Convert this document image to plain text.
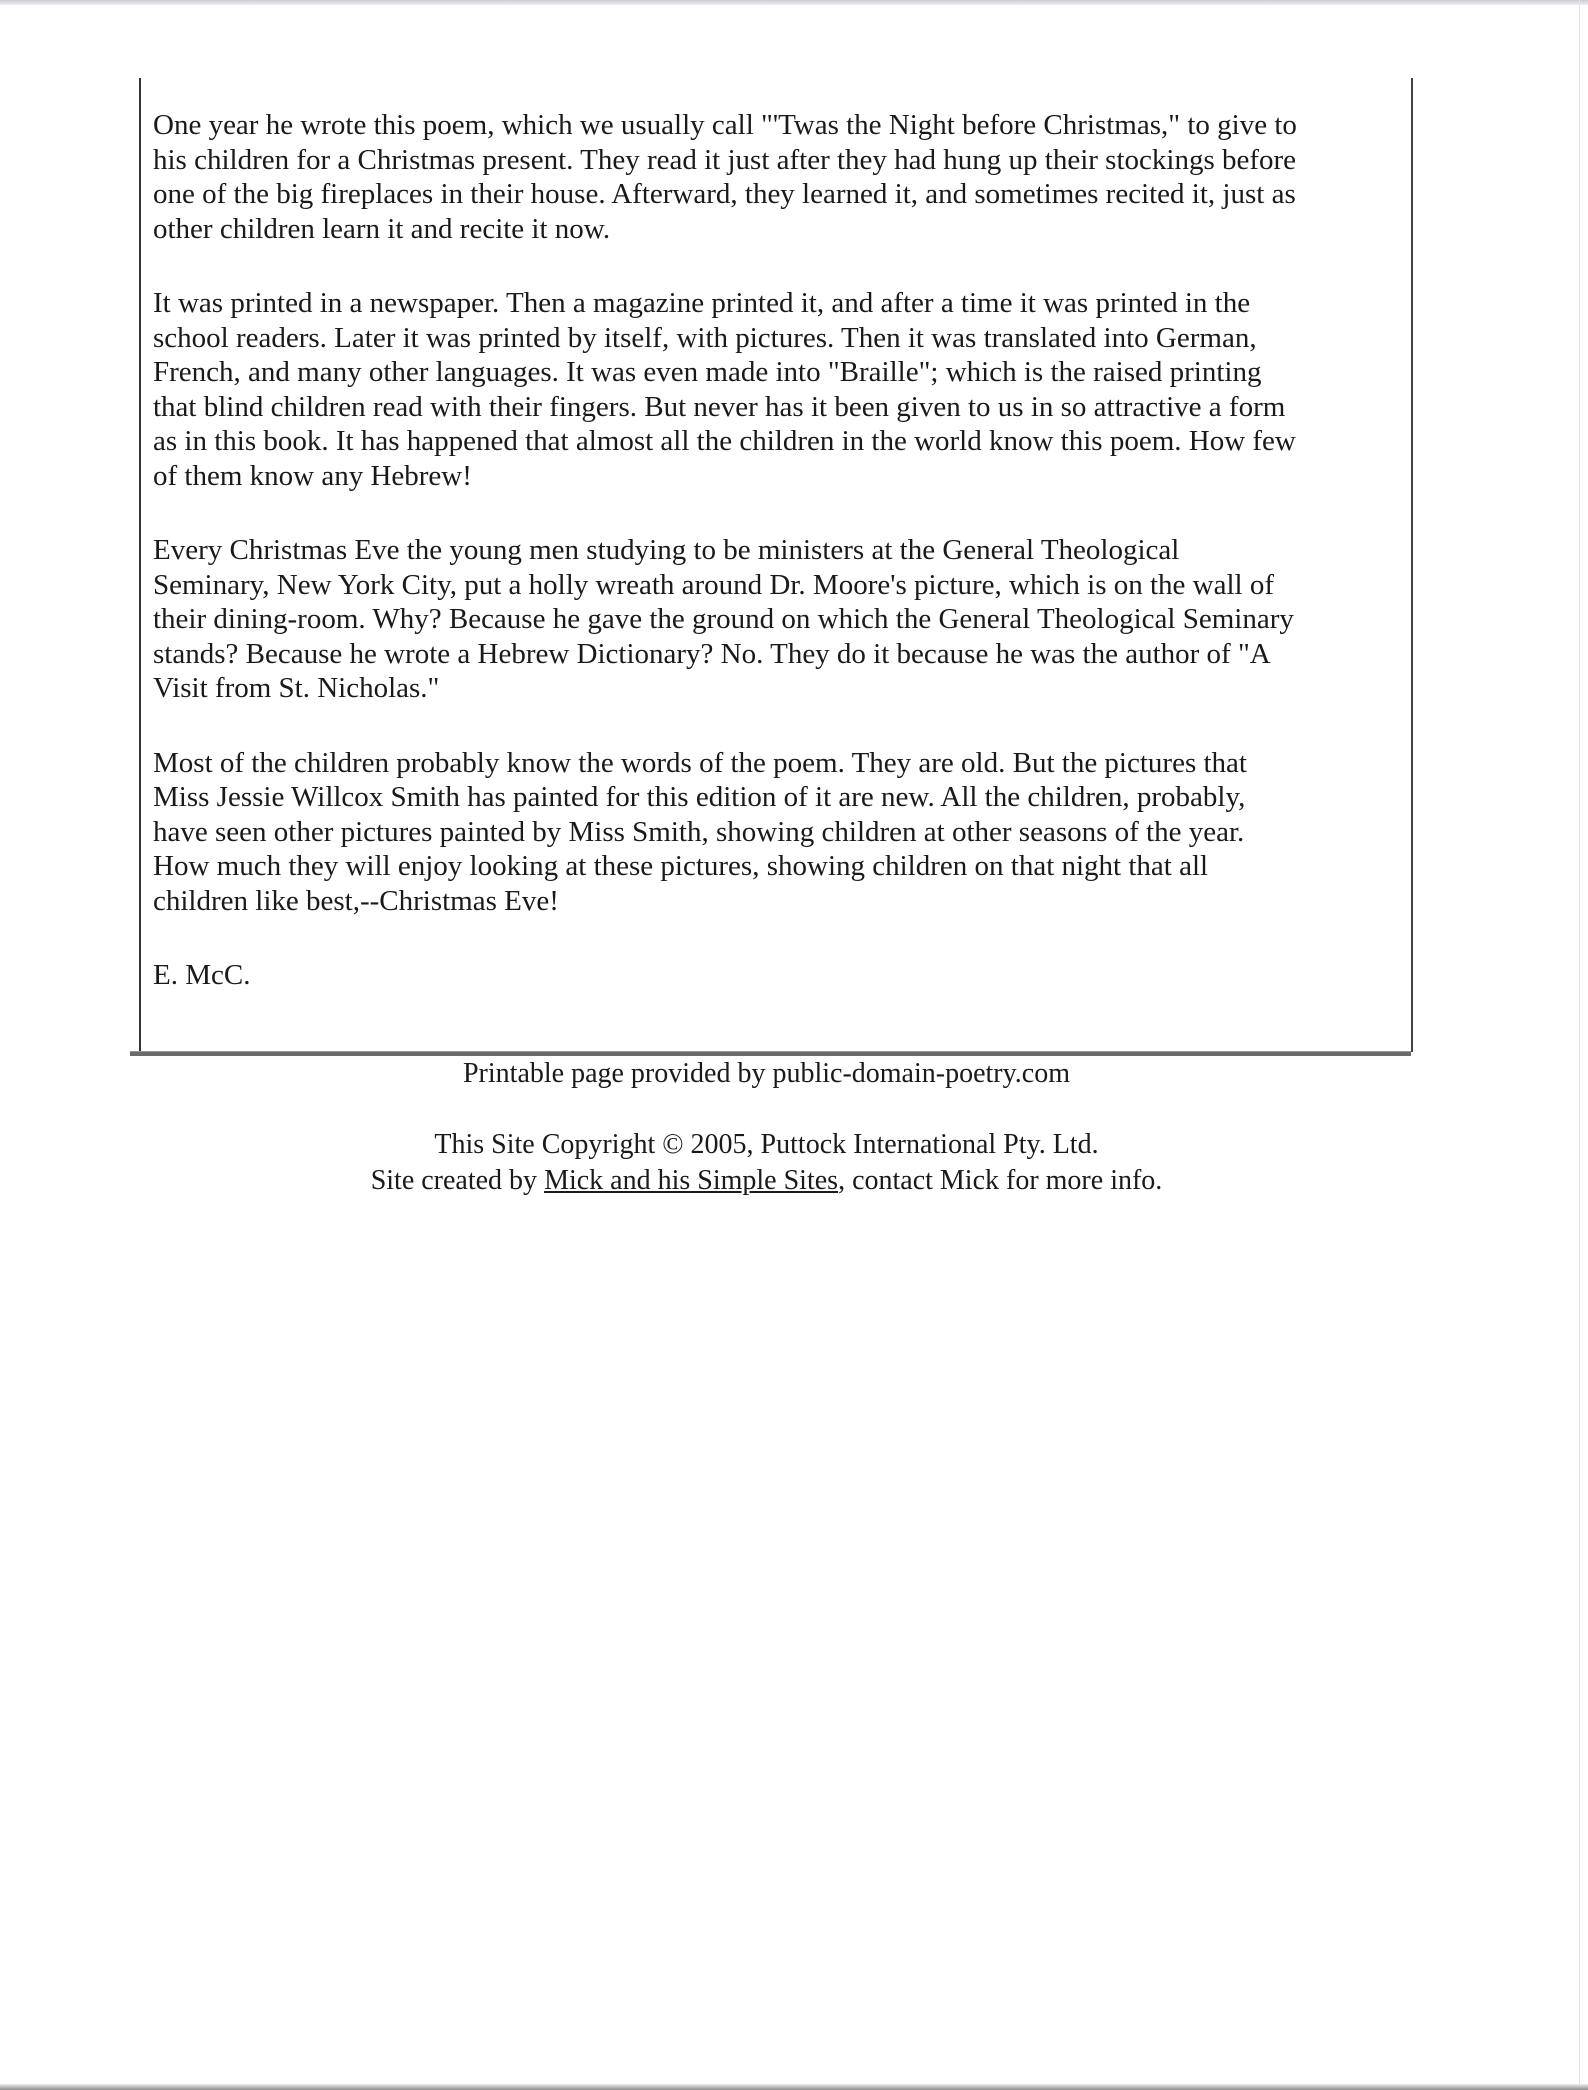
One year he wrote this poem, which we usually call "'Twas the Night before Christmas," to give to
his children for a Christmas present. They read it just after they had hung up their stockings before
one of the big fireplaces in their house. Afterward, they learned it, and sometimes recited it, just as
other children learn it and recite it now.

It was printed in a newspaper. Then a magazine printed it, and after a time it was printed in the
school readers. Later it was printed by itself, with pictures. Then it was translated into German,
French, and many other languages. It was even made into "Braille"; which is the raised printing
that blind children read with their fingers. But never has it been given to us in so attractive a form
as in this book. It has happened that almost all the children in the world know this poem. How few
of them know any Hebrew!

Every Christmas Eve the young men studying to be ministers at the General Theological
Seminary, New York City, put a holly wreath around Dr. Moore's picture, which is on the wall of
their dining-room. Why? Because he gave the ground on which the General Theological Seminary
stands? Because he wrote a Hebrew Dictionary? No. They do it because he was the author of "A
Visit from St. Nicholas."

Most of the children probably know the words of the poem. They are old. But the pictures that
Miss Jessie Willcox Smith has painted for this edition of it are new. All the children, probably,
have seen other pictures painted by Miss Smith, showing children at other seasons of the year.
How much they will enjoy looking at these pictures, showing children on that night that all
children like best,--Christmas Eve!

E. McC.

Printable page provided by public-domain-poetry.com
This Site Copyright © 2005, Puttock International Pty. Ltd.
Site created by Mick and his Simple Sites, contact Mick for more info.
